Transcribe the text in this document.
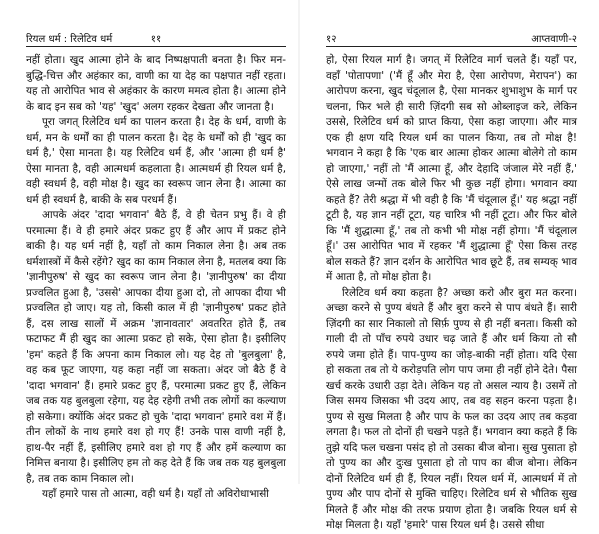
रियल धर्म : रिलेटिव धर्म	११

नहीं होता। खुद आत्मा होने के बाद निष्पक्षपाती बनता है। फिर मन-बुद्धि-चित्त और अहंकार का, वाणी का या देह का पक्षपात नहीं रहता। यह तो आरोपित भाव से अहंकार के कारण ममत्व होता है। आत्मा होने के बाद इन सब को 'यह' 'खुद' अलग रहकर देखता और जानता है।

पूरा जगत् रिलेटिव धर्म का पालन करता है। देह के धर्म, वाणी के धर्म, मन के धर्मों का ही पालन करता है। देह के धर्मों को ही 'खुद का धर्म है,' ऐसा मानता है। यह रिलेटिव धर्म हैं, और 'आत्मा ही धर्म है' ऐसा मानता है, वही आत्मधर्म कहलाता है। आत्मधर्म ही रियल धर्म है, वही स्वधर्म है, वही मोक्ष है। खुद का स्वरूप जान लेना है। आत्मा का धर्म ही स्वधर्म है, बाकी के सब परधर्म हैं।

आपके अंदर 'दादा भगवान' बैठे हैं, वे ही चेतन प्रभु हैं। वे ही परमात्मा हैं। वे ही हमारे अंदर प्रकट हुए हैं और आप में प्रकट होने बाकी है। यह धर्म नहीं है, यहाँ तो काम निकाल लेना है। अब तक धर्मशास्त्रों में कैसे रहेंगे? खुद का काम निकाल लेना है, मतलब क्या कि 'ज्ञानीपुरुष' से खुद का स्वरूप जान लेना है। 'ज्ञानीपुरुष' का दीया प्रज्वलित हुआ है, 'उससे' आपका दीया हुआ दो, तो आपका दीया भी प्रज्वलित हो जाए। यह तो, किसी काल में ही 'ज्ञानीपुरुष' प्रकट होते हैं, दस लाख सालों में अक्रम 'ज्ञानावतार' अवतरित होते हैं, तब फटाफट मैं ही खुद का आत्मा प्रकट हो सके, ऐसा होता है। इसीलिए 'हम' कहते हैं कि अपना काम निकाल लो। यह देह तो 'बुलबुला' है, वह कब फूट जाएगा, यह कहा नहीं जा सकता। अंदर जो बैठे हैं वे 'दादा भगवान' हैं। हमारे प्रकट हुए हैं, परमात्मा प्रकट हुए हैं, लेकिन जब तक यह बुलबुला रहेगा, यह देह रहेगी तभी तक लोगों का कल्याण हो सकेगा। क्योंकि अंदर प्रकट हो चुके 'दादा भगवान' हमारे वश में हैं। तीन लोकों के नाथ हमारे वश हो गए हैं! उनके पास वाणी नहीं है, हाथ-पैर नहीं हैं, इसीलिए हमारे वश हो गए हैं और हमें कल्याण का निमित्त बनाया है। इसीलिए हम तो कह देते हैं कि जब तक यह बुलबुला है, तब तक काम निकाल लो।

यहाँ हमारे पास तो आत्मा, वही धर्म है। यहाँ तो अविरोधाभासी

१२	आप्तवाणी-२

हो, ऐसा रियल मार्ग है। जगत् में रिलेटिव मार्ग चलते हैं। यहाँ पर, वहाँ 'पोतापणा' ('मैं हूँ और मेरा है, ऐसा आरोपण, मेरापन') का आरोपण करना, खुद चंदूलाल है, ऐसा मानकर शुभाशुभ के मार्ग पर चलना, फिर भले ही सारी ज़िंदगी सब सो ओब्लाइज करे, लेकिन उससे, रिलेटिव धर्म को प्राप्त किया, ऐसा कहा जाएगा। और मात्र एक ही क्षण यदि रियल धर्म का पालन किया, तब तो मोक्ष है! भगवान ने कहा है कि 'एक बार आत्मा होकर आत्मा बोलेगे तो काम हो जाएगा,' नहीं तो 'मैं आत्मा हूँ, और देहादि जंजाल मेरे नहीं हैं,' ऐसे लाख जन्मों तक बोले फिर भी कुछ नहीं होगा। भगवान क्या कहते हैं? तेरी श्रद्धा में भी वही है कि 'मैं चंदूलाल हूँ।' यह श्रद्धा नहीं टूटी है, यह ज्ञान नहीं टूटा, यह चारित्र भी नहीं टूटा। और फिर बोले कि 'मैं शुद्धात्मा हूँ,' तब तो कभी भी मोक्ष नहीं होगा। 'मैं चंदूलाल हूँ।' उस आरोपित भाव में रहकर 'मैं शुद्धात्मा हूँ' ऐसा किस तरह बोल सकते हैं? ज्ञान दर्शन के आरोपित भाव छूटे हैं, तब सम्यक् भाव में आता है, तो मोक्ष होता है।

रिलेटिव धर्म क्या कहता है? अच्छा करो और बुरा मत करना। अच्छा करने से पुण्य बंधते हैं और बुरा करने से पाप बंधते हैं। सारी ज़िंदगी का सार निकालो तो सिर्फ़ पुण्य से ही नहीं बनता। किसी को गाली दी तो पाँच रुपये उधार चढ़ जाते हैं और धर्म किया तो सौ रुपये जमा होते हैं। पाप-पुण्य का जोड़-बाकी नहीं होता। यदि ऐसा हो सकता तब तो ये करोड़पति लोग पाप जमा ही नहीं होने देते। पैसा खर्च करके उधारी उड़ा देते। लेकिन यह तो असल न्याय है। उसमें तो जिस समय जिसका भी उदय आए, तब वह सहन करना पड़ता है। पुण्य से सुख मिलता है और पाप के फल का उदय आए तब कड़वा लगता है। फल तो दोनों ही चखने पड़ते हैं। भगवान क्या कहते हैं कि तुझे यदि फल चखना पसंद हो तो उसका बीज बोना। सुख पुसाता हो तो पुण्य का और दुःख पुसाता हो तो पाप का बीज बोना। लेकिन दोनों रिलेटिव धर्म ही हैं, रियल नहीं। रियल धर्म में, आत्मधर्म में तो पुण्य और पाप दोनों से मुक्ति चाहिए। रिलेटिव धर्म से भौतिक सुख मिलते हैं और मोक्ष की तरफ प्रयाण होता है। जबकि रियल धर्म से मोक्ष मिलता है। यहाँ 'हमारे' पास रियल धर्म है। उससे सीधा
